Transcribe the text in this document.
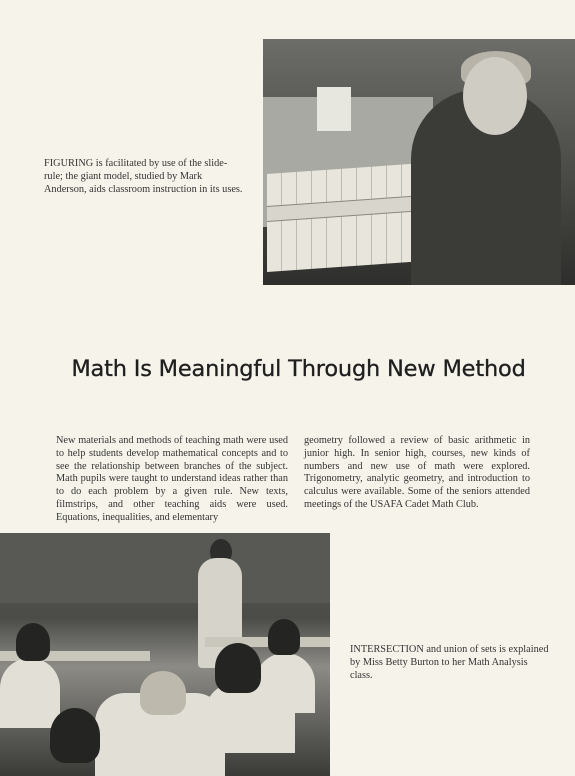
FIGURING is facilitated by use of the slide-rule; the giant model, studied by Mark Anderson, aids classroom instruction in its uses.
Math Is Meaningful Through New Method
New materials and methods of teaching math were used to help students develop mathematical concepts and to see the relationship between branches of the subject. Math pupils were taught to understand ideas rather than to do each problem by a given rule. New texts, filmstrips, and other teaching aids were used. Equations, inequalities, and elementary
geometry followed a review of basic arithmetic in junior high. In senior high, courses, new kinds of numbers and new use of math were explored. Trigonometry, analytic geometry, and introduction to calculus were available. Some of the seniors attended meetings of the USAFA Cadet Math Club.
INTERSECTION and union of sets is explained by Miss Betty Burton to her Math Analysis class.
